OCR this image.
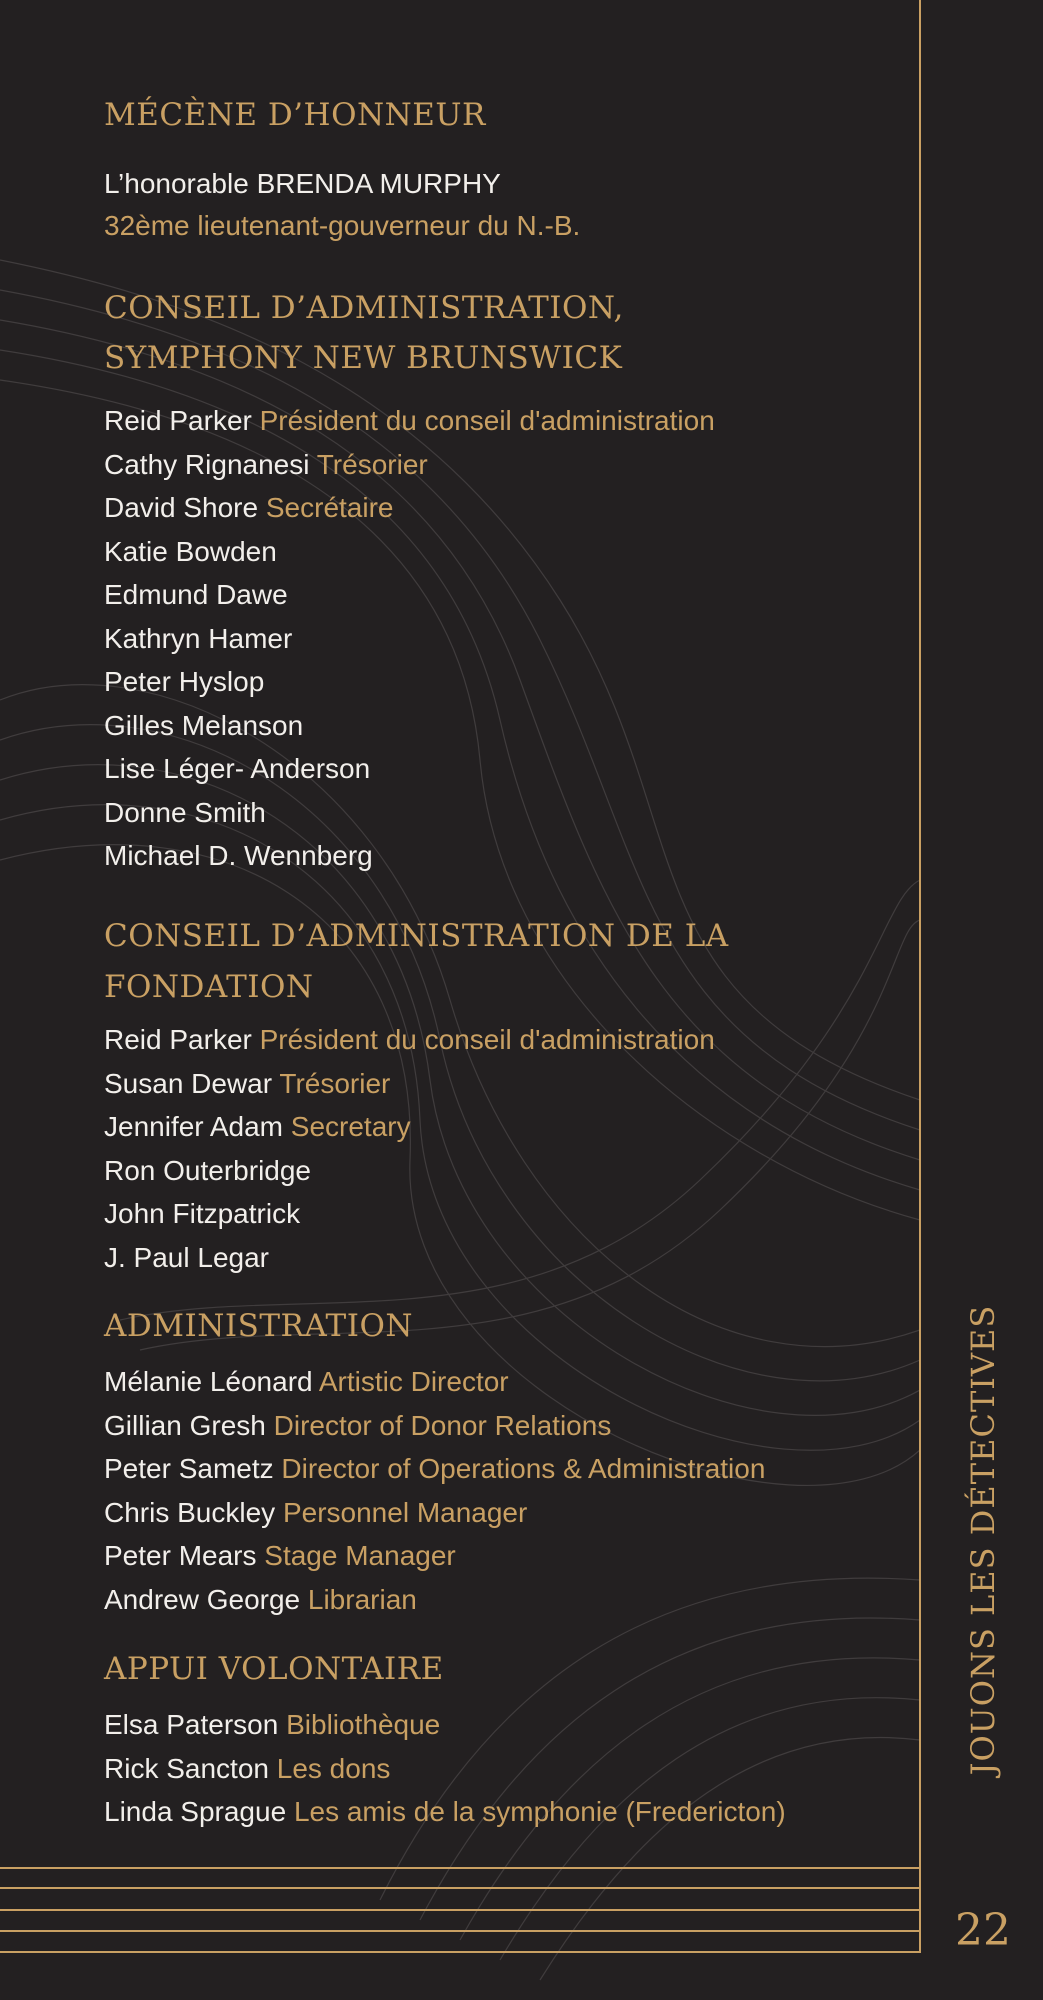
MÉCÈNE D’HONNEUR
L’honorable BRENDA MURPHY
32ème lieutenant-gouverneur du N.-B.
CONSEIL D’ADMINISTRATION,
SYMPHONY NEW BRUNSWICK
Reid Parker Président du conseil d'administration
Cathy Rignanesi Trésorier
David Shore Secrétaire
Katie Bowden
Edmund Dawe
Kathryn Hamer
Peter Hyslop
Gilles Melanson
Lise Léger- Anderson
Donne Smith
Michael D. Wennberg
CONSEIL D’ADMINISTRATION DE LA
FONDATION
Reid Parker Président du conseil d'administration
Susan Dewar Trésorier
Jennifer Adam Secretary
Ron Outerbridge
John Fitzpatrick
J. Paul Legar
ADMINISTRATION
Mélanie Léonard Artistic Director
Gillian Gresh Director of Donor Relations
Peter Sametz Director of Operations & Administration
Chris Buckley Personnel Manager
Peter Mears Stage Manager
Andrew George Librarian
APPUI VOLONTAIRE
Elsa Paterson Bibliothèque
Rick Sancton Les dons
Linda Sprague Les amis de la symphonie (Fredericton)
JOUONS LES DÉTECTIVES
22
